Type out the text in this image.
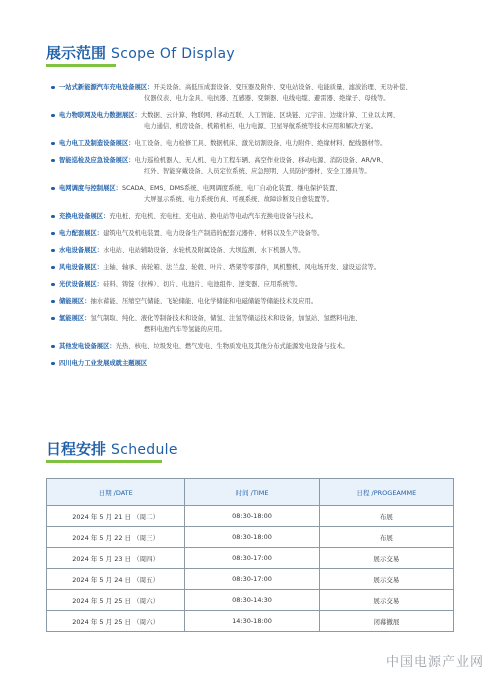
展示范围 Scope Of Display
一站式新能源汽车充电设备展区：开关设备、高低压成套设备、变压器及附件、变电站设备、电能质量、滤波治理、无功补偿、
仪器仪表、电力金具、电抗器、互感器、变频器、电线电缆、避雷器、绝缘子、母线等。
电力物联网及电力数据展区：大数据、云计算、物联网、移动互联、人工智能、区块链、元宇宙、边缘计算、工业以太网、
电力通信、机房设备、机箱机柜、电力电源、卫星导航系统等技术应用和解决方案。
电力电工及制造设备展区：电工设备、电力检修工具、数据机床、激光切割设备、电力附件、绝缘材料、配线器材等。
智能巡检及应急设备展区：电力巡检机器人、无人机、电力工程车辆、高空作业设备、移动电源、消防设备、AR/VR、
红外、智能穿戴设备、人员定位系统、应急照明、人员防护器材、安全工器具等。
电网调度与控制展区：SCADA、EMS、DMS系统、电网调度系统、电厂自动化装置、继电保护装置、
大屏显示系统、电力系统仿真、可视系统、故障诊断及自愈装置等。
充换电设备展区：充电桩、充电机、充电柱、充电站、换电站等电动汽车充换电设备与技术。
电力配套展区：建筑电气及机电装置、电力设备生产制造的配套元器件、材料以及生产设备等。
水电设备展区：水电站、电站辅助设备、水轮机及附属设备、大坝监测、水下机器人等。
风电设备展区：主轴、轴承、齿轮箱、法兰盘、轮毂、叶片、塔架等零部件，风机整机、风电场开发、建设运营等。
光伏设备展区：硅料、铸锭（拉棒）、切片、电池片、电池组件、逆变器、应用系统等。
储能展区：抽水蓄能、压缩空气储能、飞轮储能、电化学储能和电磁储能等储能技术及应用。
氢能展区：氢气制取、纯化、液化等制备技术和设备，储氢、注氢等储运技术和设备，加氢站、氢燃料电池、
燃料电池汽车等氢能的应用。
其他发电设备展区：光热、核电、垃圾发电、燃气发电、生物质发电及其他分布式能源发电设备与技术。
四川电力工业发展成就主题展区
日程安排 Schedule
日期 /DATE	时间 /TIME	日程 /PROGEAMME
2024 年 5 月 21 日 （周二）	08:30-18:00	布展
2024 年 5 月 22 日 （周三）	08:30-18:00	布展
2024 年 5 月 23 日 （周四）	08:30-17:00	展示交易
2024 年 5 月 24 日 （周五）	08:30-17:00	展示交易
2024 年 5 月 25 日 （周六）	08:30-14:30	展示交易
2024 年 5 月 25 日 （周六）	14:30-18:00	闭幕撤展
中国电源产业网
